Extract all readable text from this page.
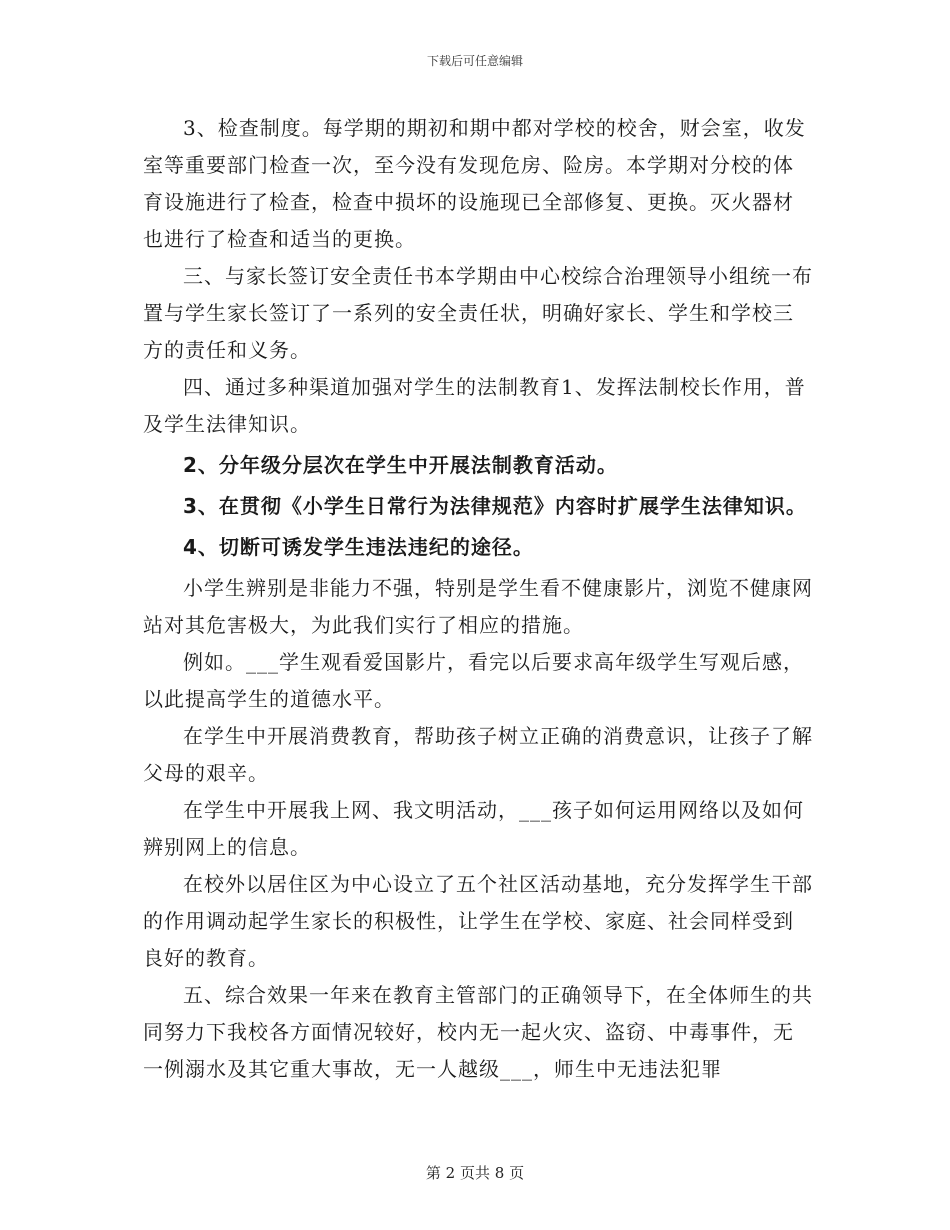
下载后可任意编辑

3、检查制度。每学期的期初和期中都对学校的校舍，财会室，收发室等重要部门检查一次，至今没有发现危房、险房。本学期对分校的体育设施进行了检查，检查中损坏的设施现已全部修复、更换。灭火器材也进行了检查和适当的更换。

三、与家长签订安全责任书本学期由中心校综合治理领导小组统一布置与学生家长签订了一系列的安全责任状，明确好家长、学生和学校三方的责任和义务。

四、通过多种渠道加强对学生的法制教育1、发挥法制校长作用，普及学生法律知识。

2、分年级分层次在学生中开展法制教育活动。

3、在贯彻《小学生日常行为法律规范》内容时扩展学生法律知识。

4、切断可诱发学生违法违纪的途径。

小学生辨别是非能力不强，特别是学生看不健康影片，浏览不健康网站对其危害极大，为此我们实行了相应的措施。

例如。___学生观看爱国影片，看完以后要求高年级学生写观后感，以此提高学生的道德水平。

在学生中开展消费教育，帮助孩子树立正确的消费意识，让孩子了解父母的艰辛。

在学生中开展我上网、我文明活动，___孩子如何运用网络以及如何辨别网上的信息。

在校外以居住区为中心设立了五个社区活动基地，充分发挥学生干部的作用调动起学生家长的积极性，让学生在学校、家庭、社会同样受到良好的教育。

五、综合效果一年来在教育主管部门的正确领导下，在全体师生的共同努力下我校各方面情况较好，校内无一起火灾、盗窃、中毒事件，无一例溺水及其它重大事故，无一人越级___，师生中无违法犯罪

第 2 页共 8 页
